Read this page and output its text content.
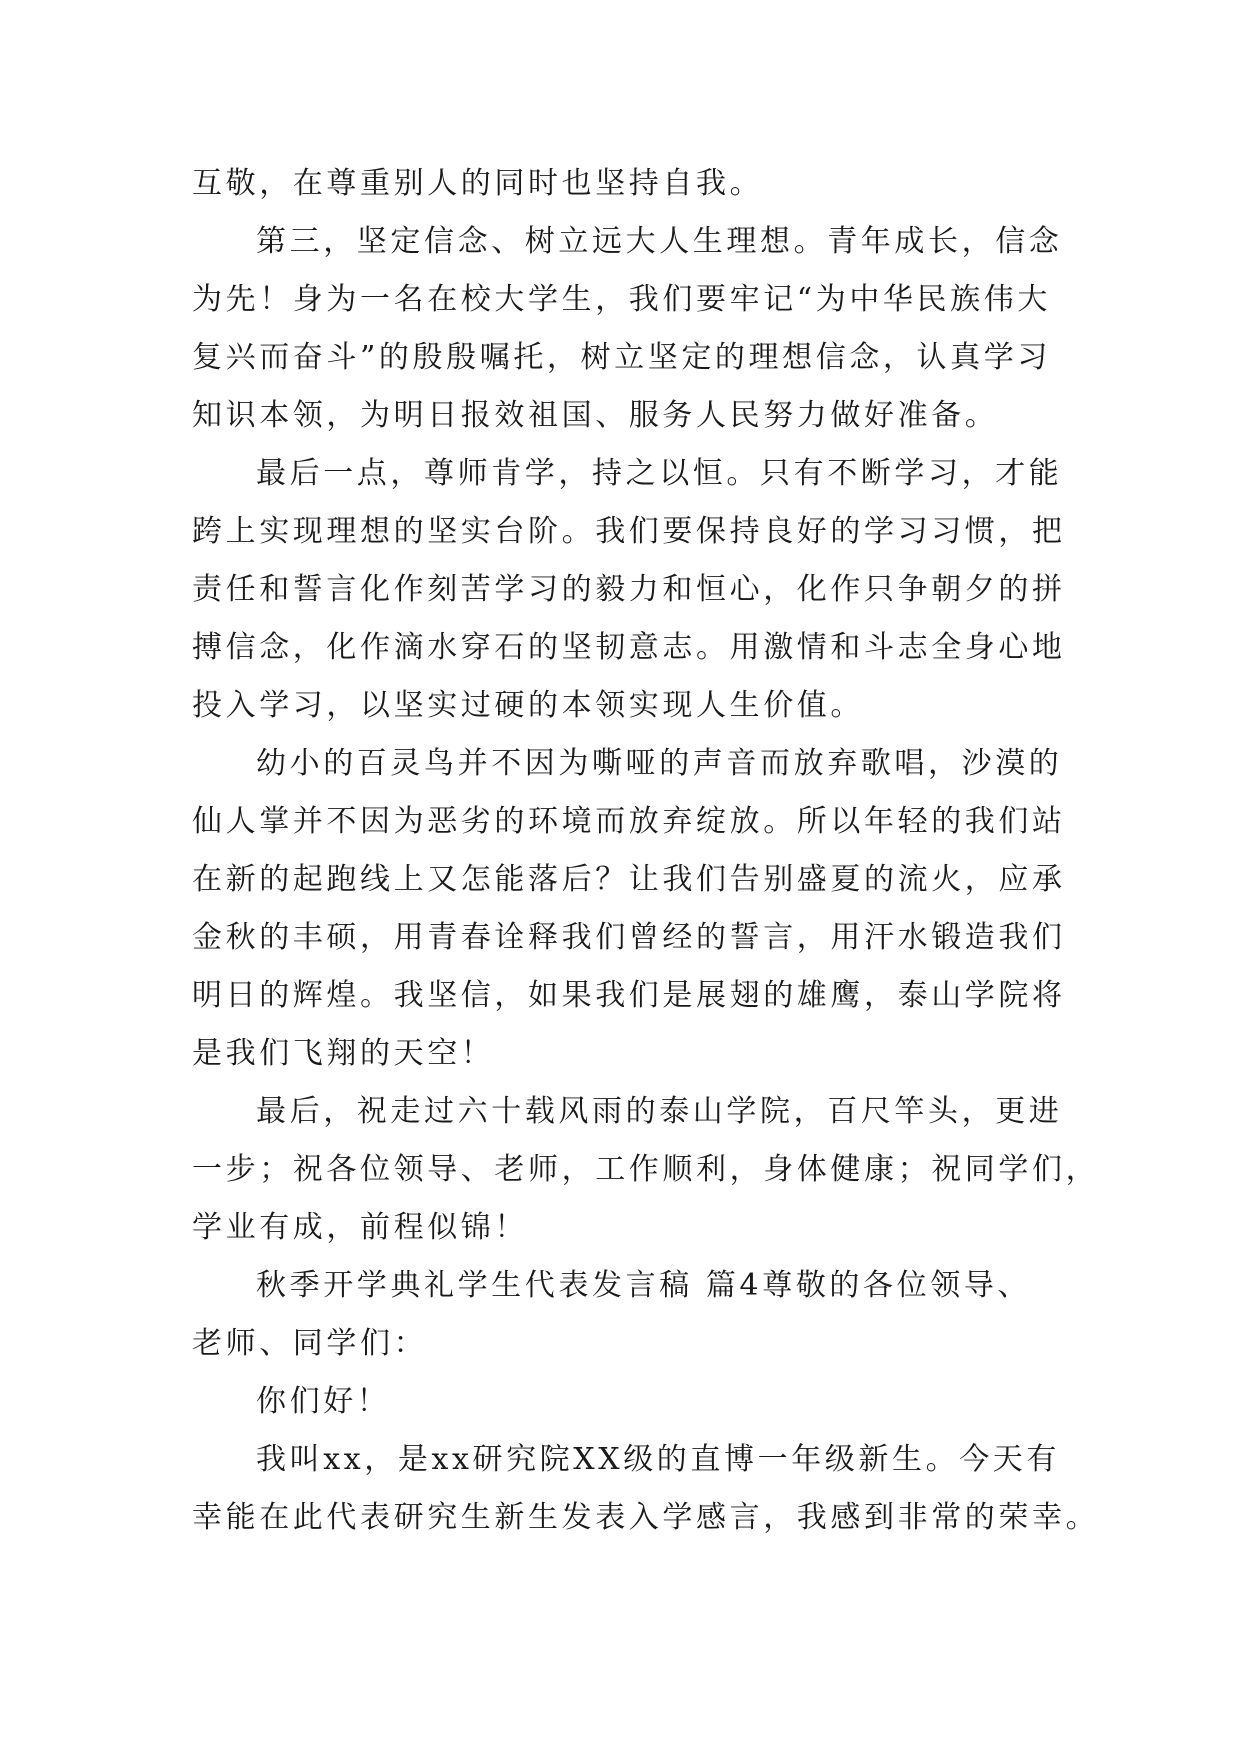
互敬，在尊重别人的同时也坚持自我。
第三，坚定信念、树立远大人生理想。青年成长，信念
为先！身为一名在校大学生，我们要牢记“为中华民族伟大
复兴而奋斗”的殷殷嘱托，树立坚定的理想信念，认真学习
知识本领，为明日报效祖国、服务人民努力做好准备。
最后一点，尊师肯学，持之以恒。只有不断学习，才能
跨上实现理想的坚实台阶。我们要保持良好的学习习惯，把
责任和誓言化作刻苦学习的毅力和恒心，化作只争朝夕的拼
搏信念，化作滴水穿石的坚韧意志。用激情和斗志全身心地
投入学习，以坚实过硬的本领实现人生价值。
幼小的百灵鸟并不因为嘶哑的声音而放弃歌唱，沙漠的
仙人掌并不因为恶劣的环境而放弃绽放。所以年轻的我们站
在新的起跑线上又怎能落后？让我们告别盛夏的流火，应承
金秋的丰硕，用青春诠释我们曾经的誓言，用汗水锻造我们
明日的辉煌。我坚信，如果我们是展翅的雄鹰，泰山学院将
是我们飞翔的天空！
最后，祝走过六十载风雨的泰山学院，百尺竿头，更进
一步；祝各位领导、老师，工作顺利，身体健康；祝同学们，
学业有成，前程似锦！
秋季开学典礼学生代表发言稿 篇4尊敬的各位领导、
老师、同学们：
你们好！
我叫xx，是xx研究院XX级的直博一年级新生。今天有
幸能在此代表研究生新生发表入学感言，我感到非常的荣幸。
